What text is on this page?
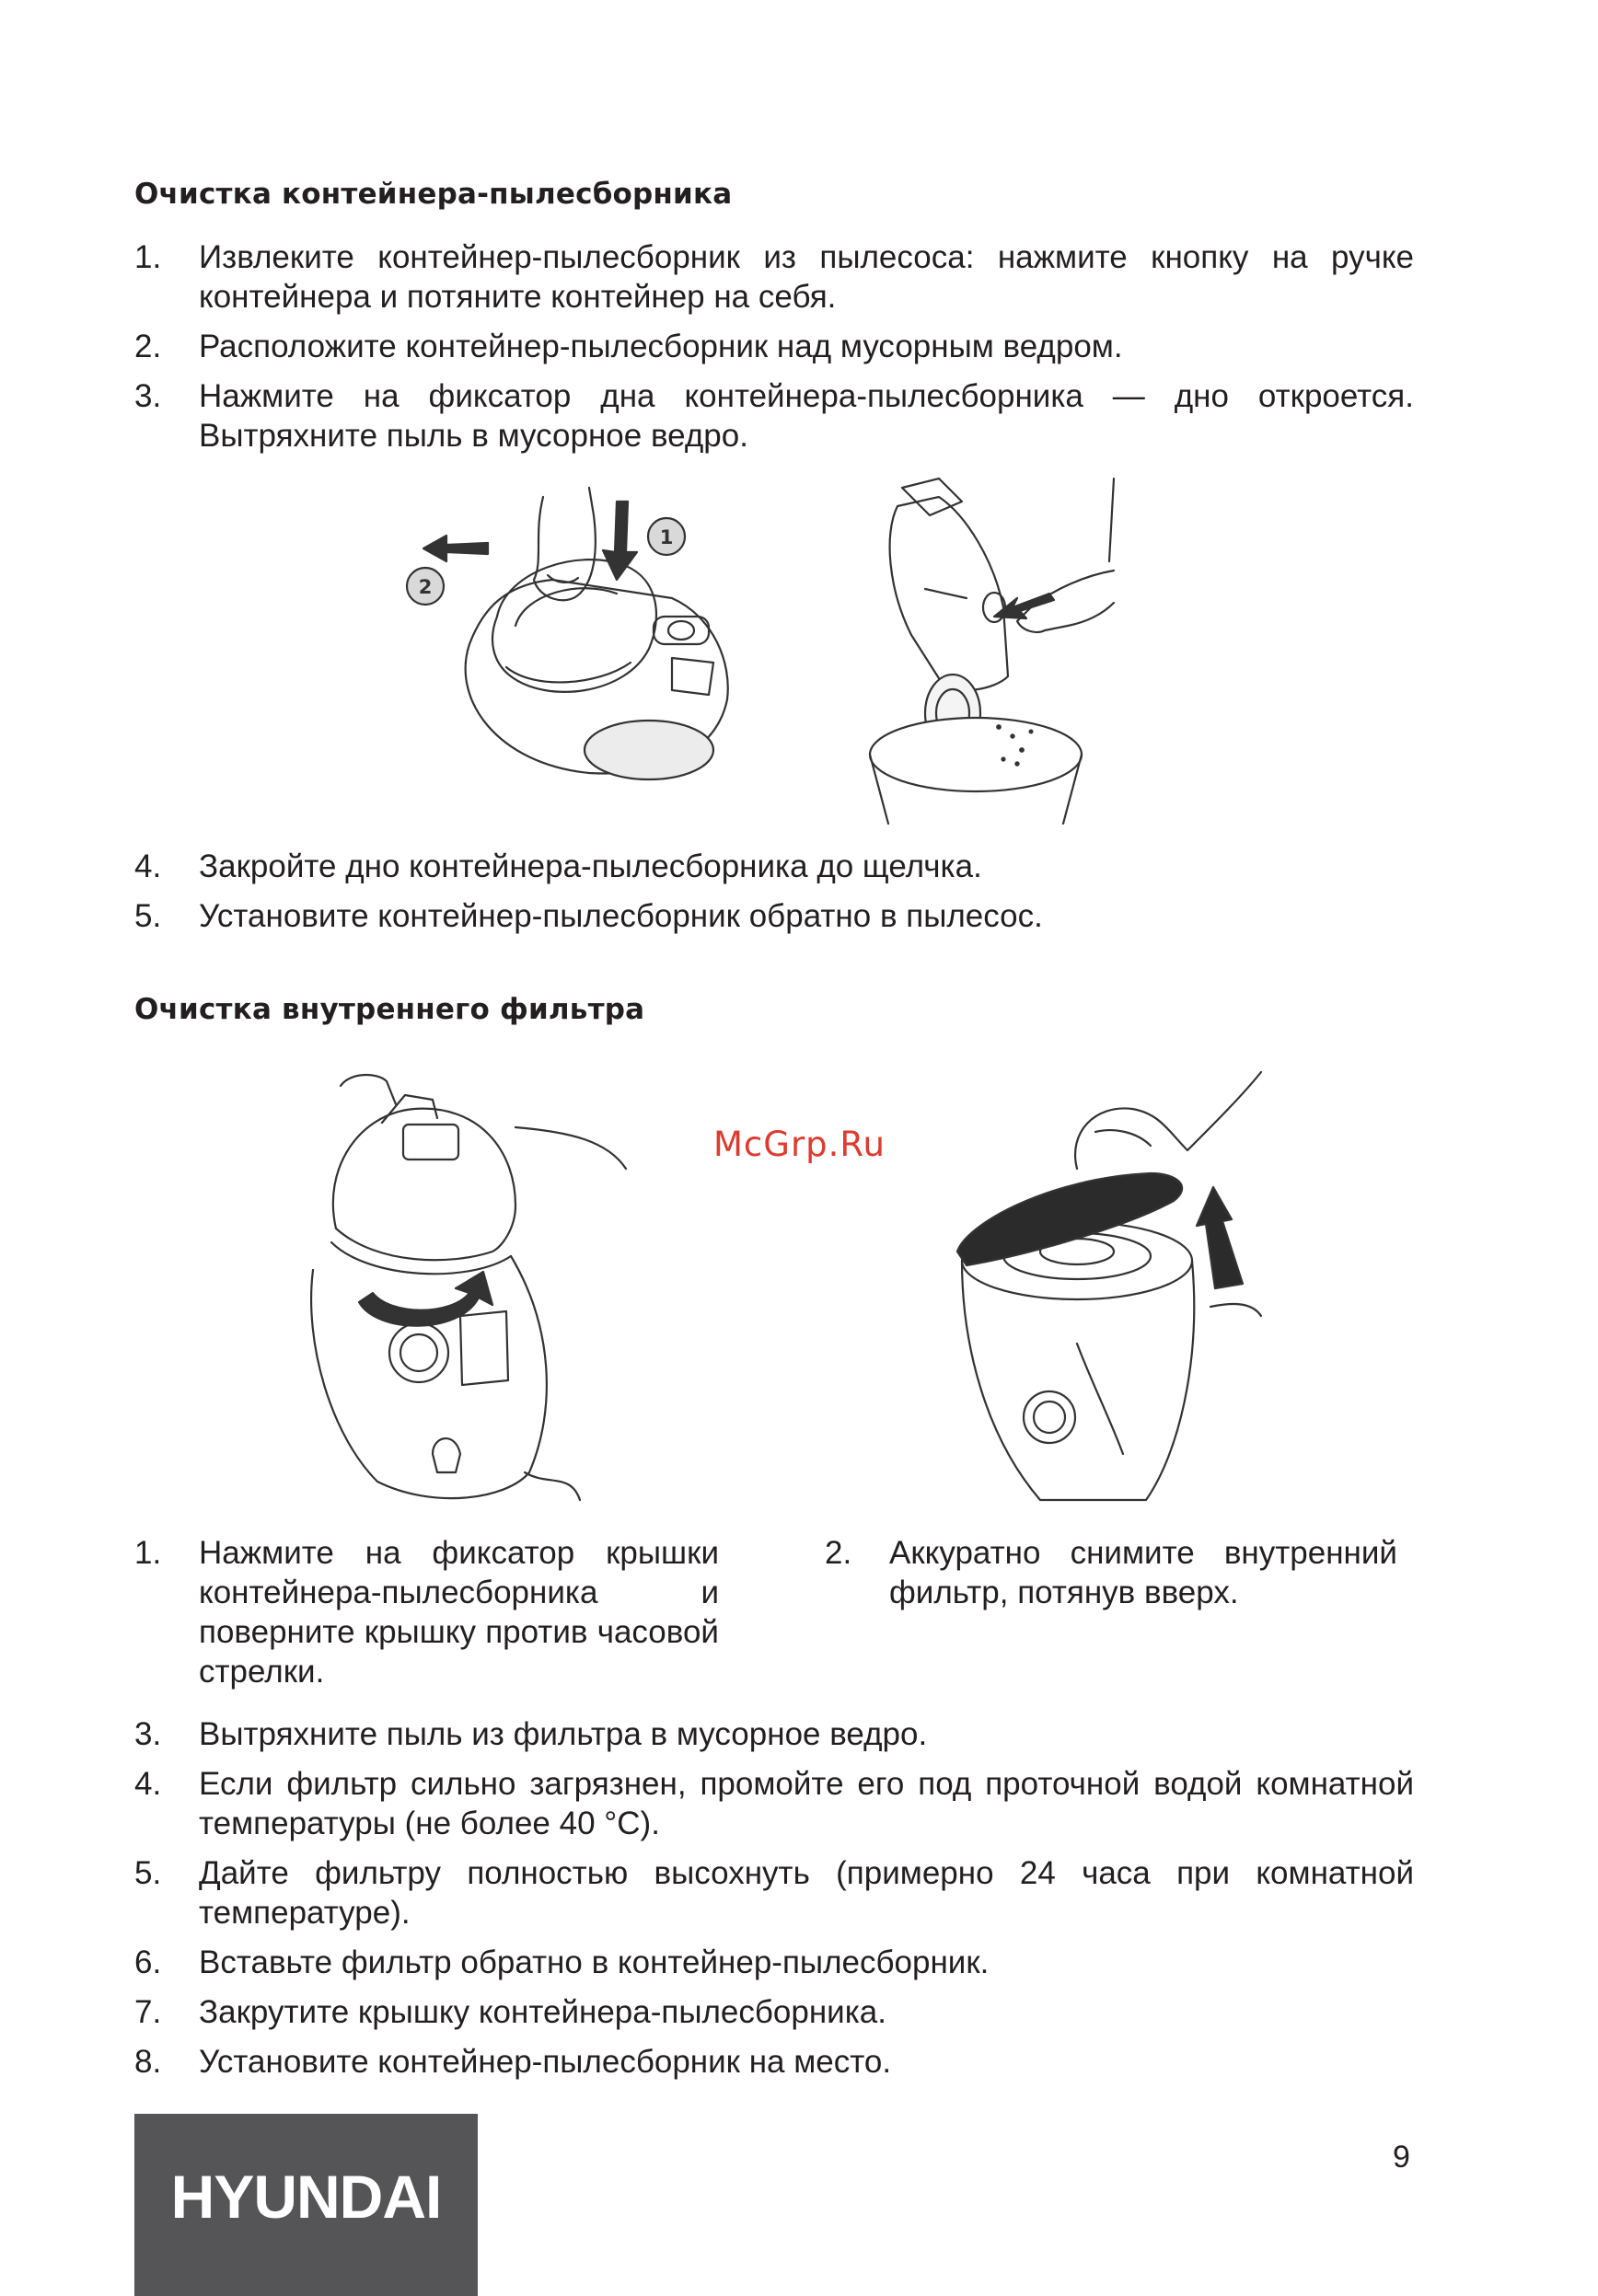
Очистка контейнера-пылесборника
1. Извлеките контейнер-пылесборник из пылесоса: нажмите кнопку на ручке контейнера и потяните контейнер на себя.
2. Расположите контейнер-пылесборник над мусорным ведром.
3. Нажмите на фиксатор дна контейнера-пылесборника — дно откроется. Вытряхните пыль в мусорное ведро.
1
2
4. Закройте дно контейнера-пылесборника до щелчка.
5. Установите контейнер-пылесборник обратно в пылесос.
Очистка внутреннего фильтра
McGrp.Ru
1. Нажмите на фиксатор крышки контейнера-пылесборника и поверните крышку против часовой стрелки.
2. Аккуратно снимите внутренний фильтр, потянув вверх.
3. Вытряхните пыль из фильтра в мусорное ведро.
4. Если фильтр сильно загрязнен, промойте его под проточной водой комнатной температуры (не более 40 °C).
5. Дайте фильтру полностью высохнуть (примерно 24 часа при комнатной температуре).
6. Вставьте фильтр обратно в контейнер-пылесборник.
7. Закрутите крышку контейнера-пылесборника.
8. Установите контейнер-пылесборник на место.
HYUNDAI
9
